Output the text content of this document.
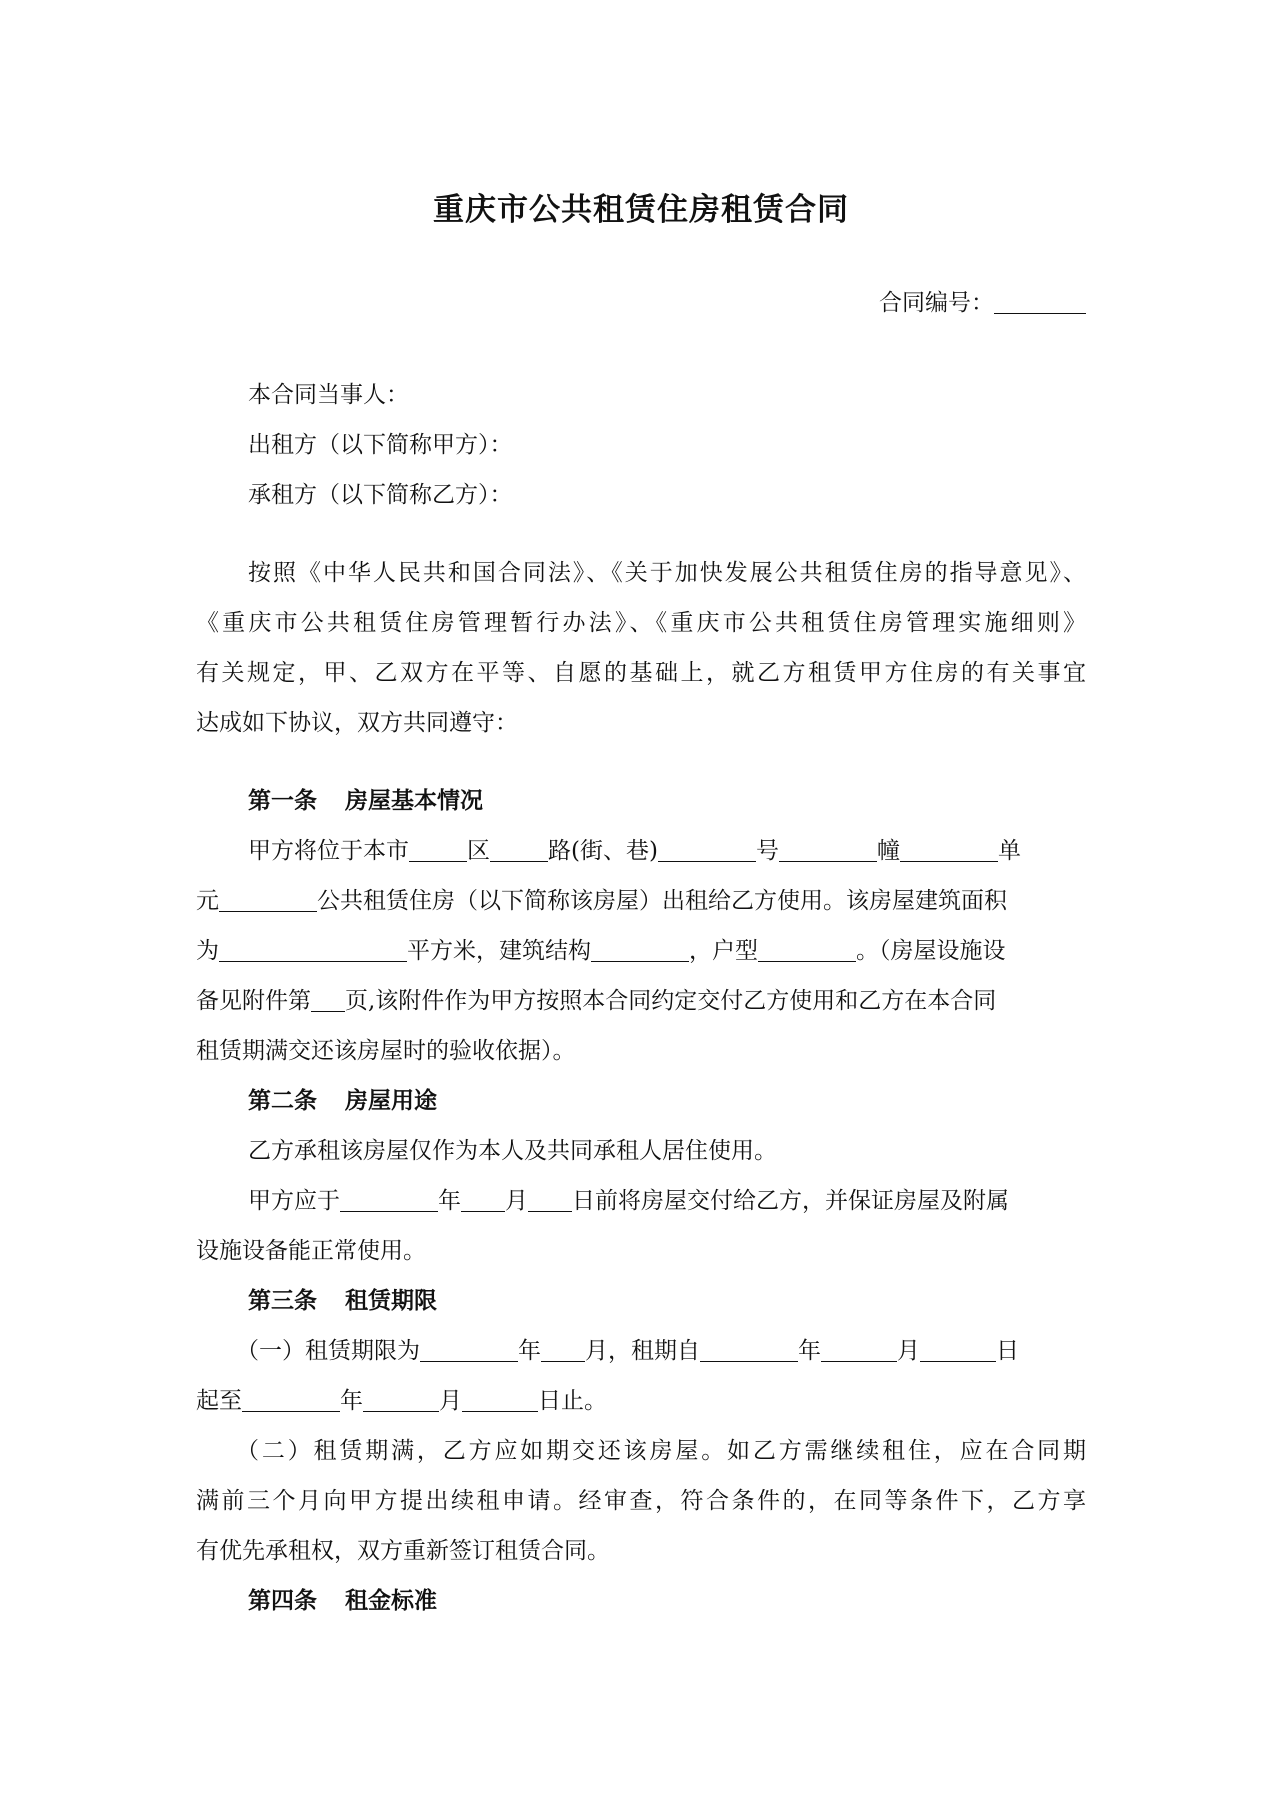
重庆市公共租赁住房租赁合同
合同编号：
本合同当事人：
出租方（以下简称甲方）：
承租方（以下简称乙方）：
按照《中华人民共和国合同法》、《关于加快发展公共租赁住房的指导意见》、
《重庆市公共租赁住房管理暂行办法》、《重庆市公共租赁住房管理实施细则》
有关规定，甲、乙双方在平等、自愿的基础上，就乙方租赁甲方住房的有关事宜
达成如下协议，双方共同遵守：
第一条 房屋基本情况
甲方将位于本市	区	路(街、巷)	号	幢	单
元	公共租赁住房（以下简称该房屋）出租给乙方使用。该房屋建筑面积
为	平方米，建筑结构	，户型	。（房屋设施设
备见附件第 页,该附件作为甲方按照本合同约定交付乙方使用和乙方在本合同
租赁期满交还该房屋时的验收依据）。
第二条 房屋用途
乙方承租该房屋仅作为本人及共同承租人居住使用。
甲方应于	年 月 日前将房屋交付给乙方，并保证房屋及附属
设施设备能正常使用。
第三条 租赁期限
（一）租赁期限为	年 月，租期自	年	月	日
起至	年	月	日止。
（二）租赁期满，乙方应如期交还该房屋。如乙方需继续租住，应在合同期
满前三个月向甲方提出续租申请。经审查，符合条件的，在同等条件下，乙方享
有优先承租权，双方重新签订租赁合同。
第四条 租金标准
